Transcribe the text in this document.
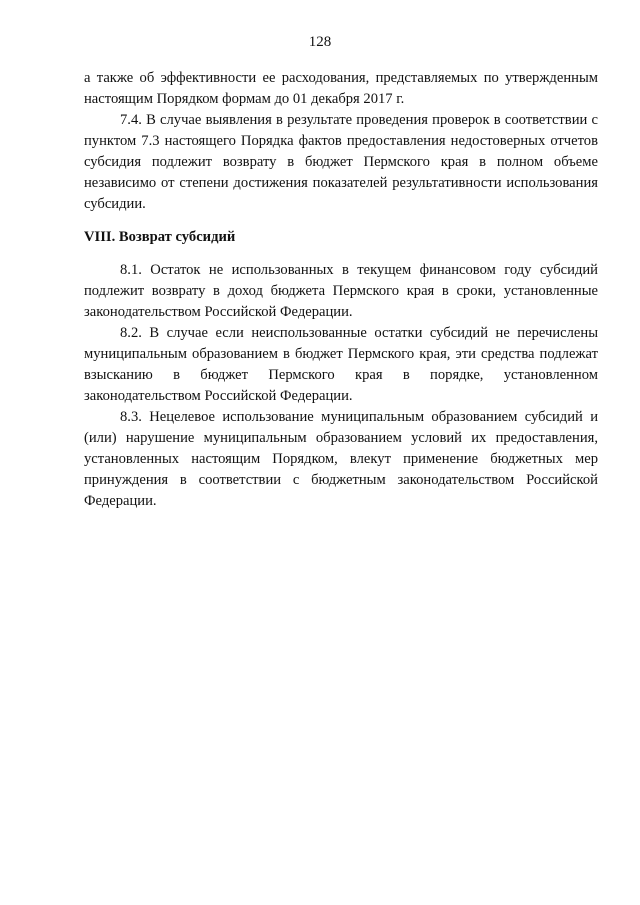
128

а также об эффективности ее расходования, представляемых по утвержденным настоящим Порядком формам до 01 декабря 2017 г.

7.4. В случае выявления в результате проведения проверок в соответствии с пунктом 7.3 настоящего Порядка фактов предоставления недостоверных отчетов субсидия подлежит возврату в бюджет Пермского края в полном объеме независимо от степени достижения показателей результативности использования субсидии.

VIII. Возврат субсидий

8.1. Остаток не использованных в текущем финансовом году субсидий подлежит возврату в доход бюджета Пермского края в сроки, установленные законодательством Российской Федерации.

8.2. В случае если неиспользованные остатки субсидий не перечислены муниципальным образованием в бюджет Пермского края, эти средства подлежат взысканию в бюджет Пермского края в порядке, установленном законодательством Российской Федерации.

8.3. Нецелевое использование муниципальным образованием субсидий и (или) нарушение муниципальным образованием условий их предоставления, установленных настоящим Порядком, влекут применение бюджетных мер принуждения в соответствии с бюджетным законодательством Российской Федерации.
